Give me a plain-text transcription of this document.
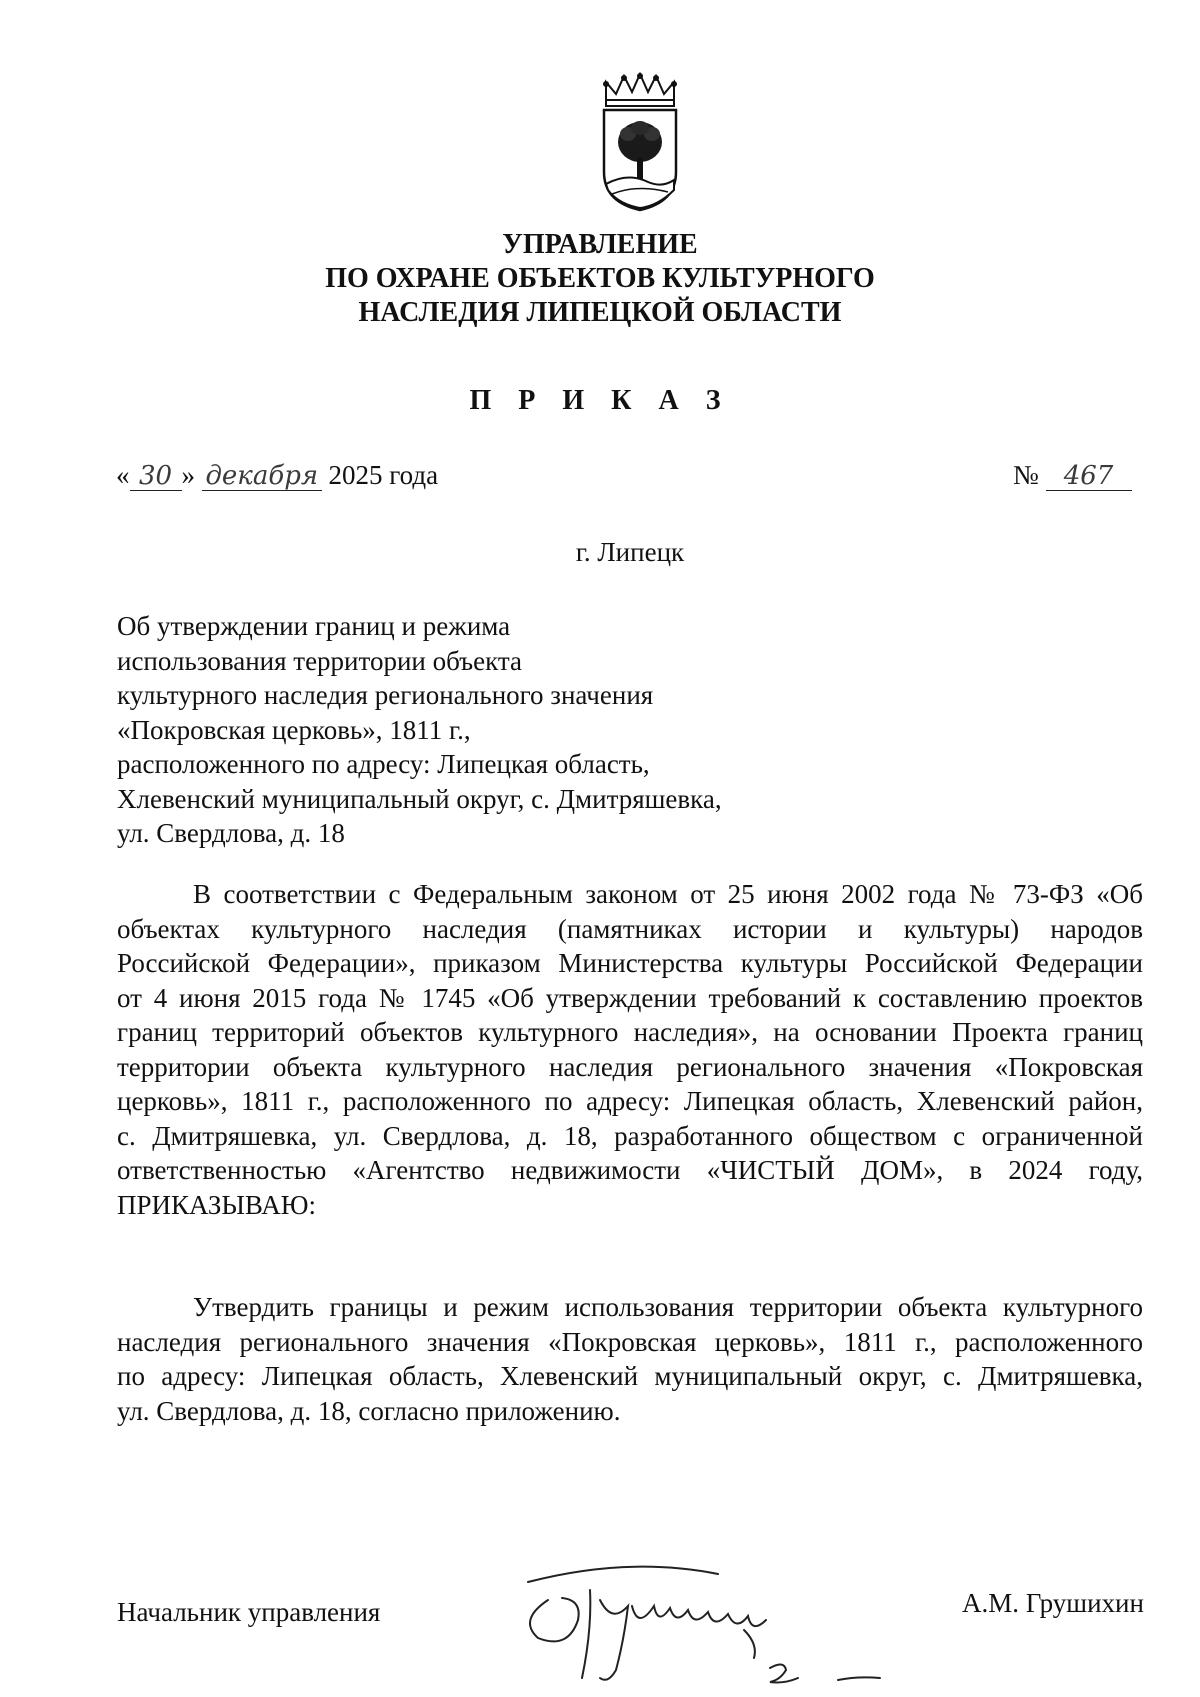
УПРАВЛЕНИЕ
ПО ОХРАНЕ ОБЪЕКТОВ КУЛЬТУРНОГО
НАСЛЕДИЯ ЛИПЕЦКОЙ ОБЛАСТИ
П Р И К А З
« 30 » декабря 2025 года	№ 467
г. Липецк
Об утверждении границ и режима
использования территории объекта
культурного наследия регионального значения
«Покровская церковь», 1811 г.,
расположенного по адресу: Липецкая область,
Хлевенский муниципальный округ, с. Дмитряшевка,
ул. Свердлова, д. 18
В соответствии с Федеральным законом от 25 июня 2002 года № 73-ФЗ «Об
объектах культурного наследия (памятниках истории и культуры) народов
Российской Федерации», приказом Министерства культуры Российской Федерации
от 4 июня 2015 года № 1745 «Об утверждении требований к составлению проектов
границ территорий объектов культурного наследия», на основании Проекта границ
территории объекта культурного наследия регионального значения «Покровская
церковь», 1811 г., расположенного по адресу: Липецкая область, Хлевенский район,
с. Дмитряшевка, ул. Свердлова, д. 18, разработанного обществом с ограниченной
ответственностью «Агентство недвижимости «ЧИСТЫЙ ДОМ», в 2024 году,
ПРИКАЗЫВАЮ:
Утвердить границы и режим использования территории объекта культурного
наследия регионального значения «Покровская церковь», 1811 г., расположенного
по адресу: Липецкая область, Хлевенский муниципальный округ, с. Дмитряшевка,
ул. Свердлова, д. 18, согласно приложению.
Начальник управления	А.М. Грушихин
